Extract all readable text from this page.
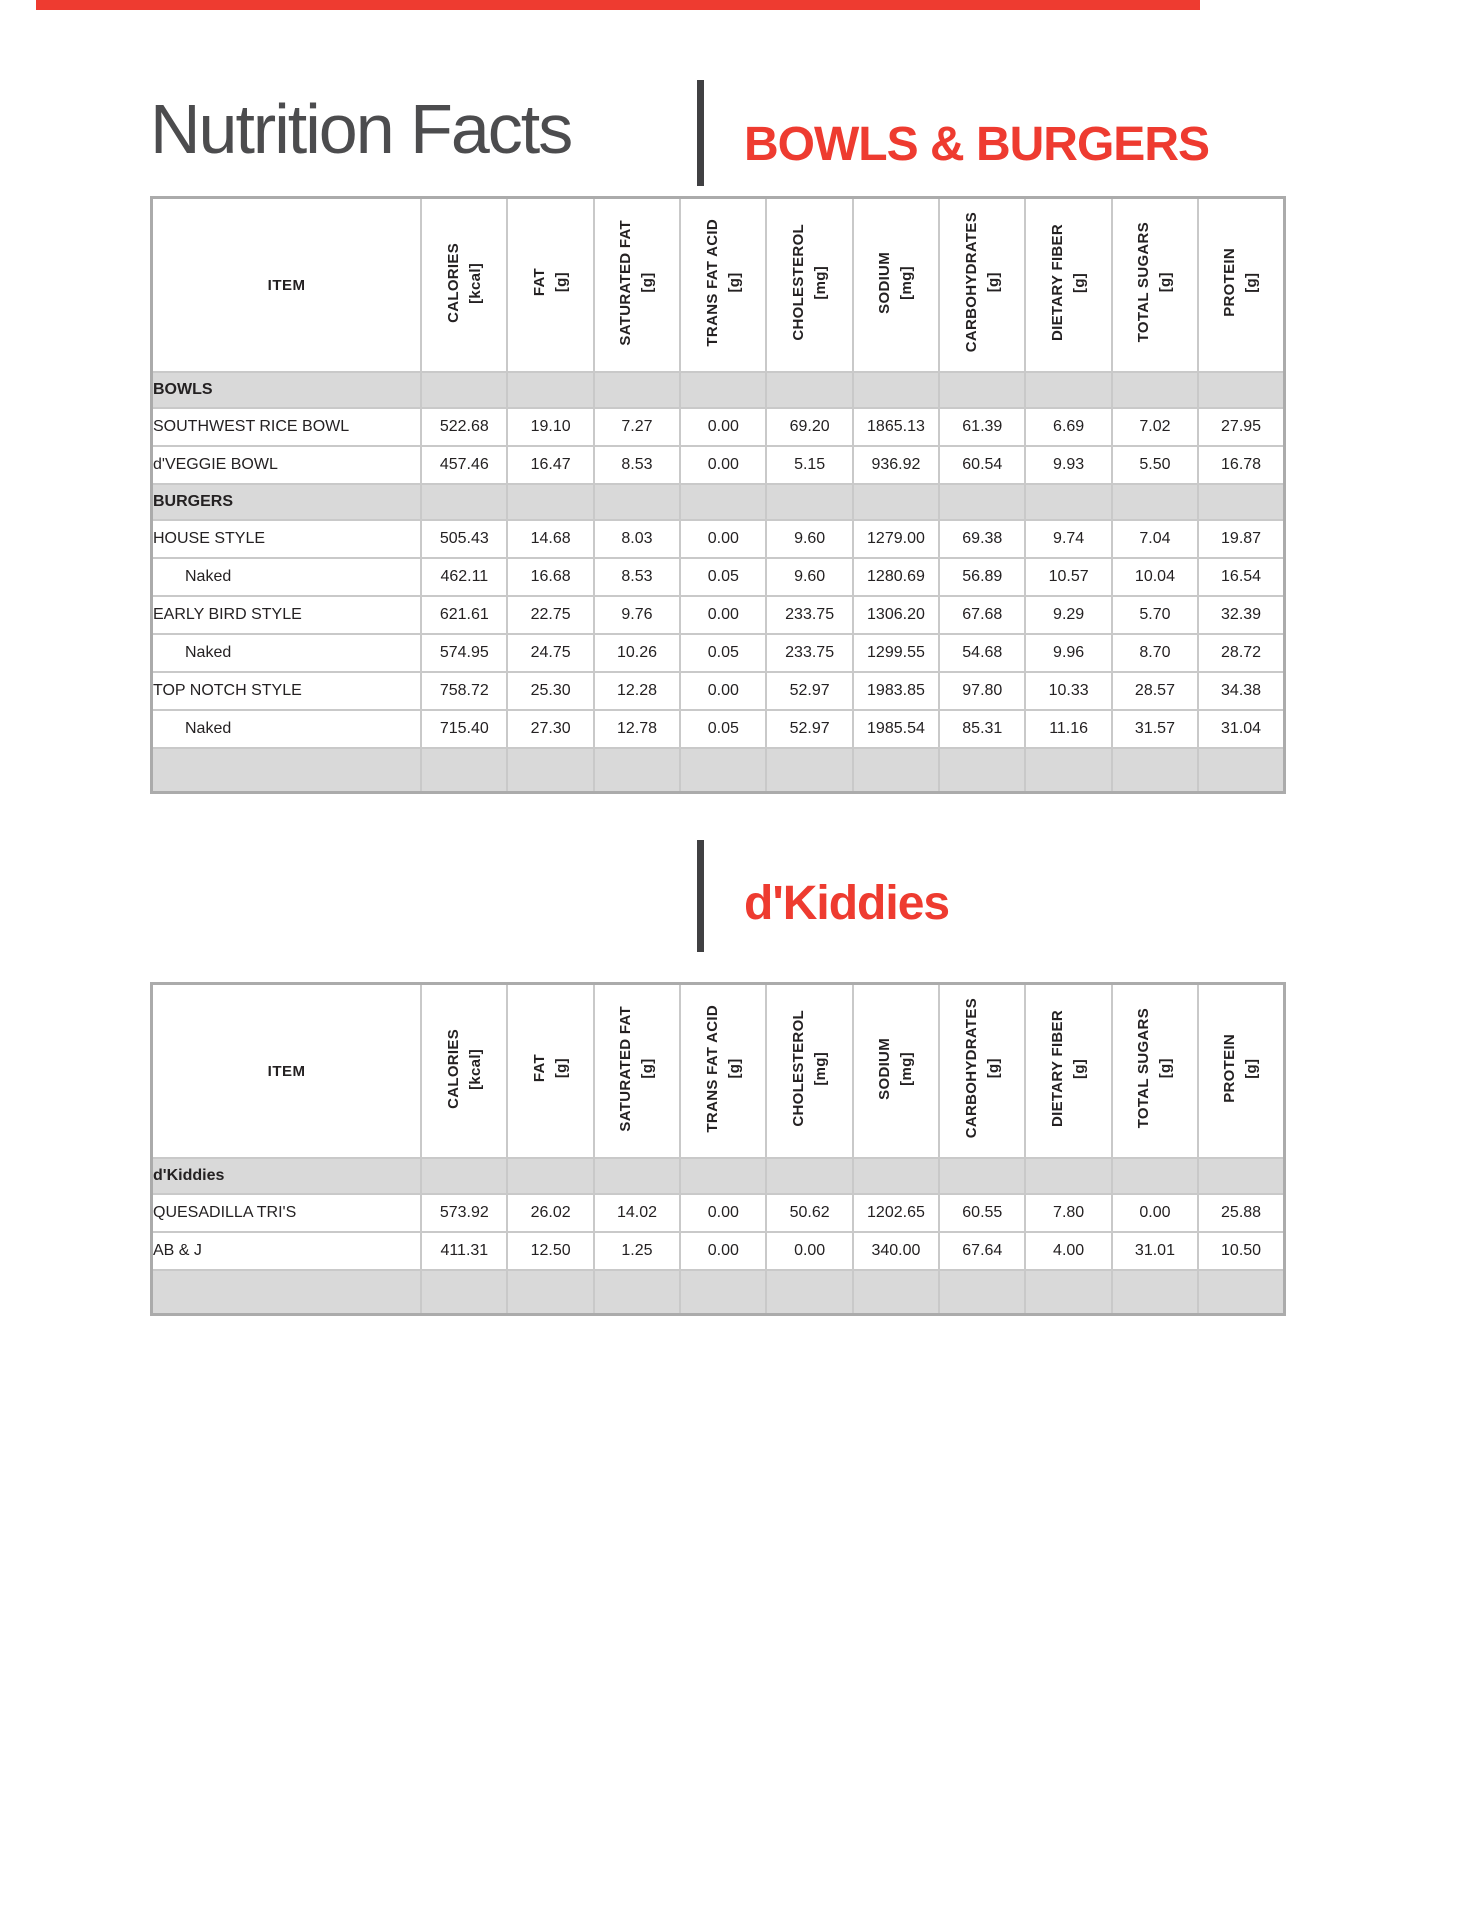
Nutrition Facts	BOWLS & BURGERS
ITEM	CALORIES [kcal]	FAT [g]	SATURATED FAT [g]	TRANS FAT ACID [g]	CHOLESTEROL [mg]	SODIUM [mg]	CARBOHYDRATES [g]	DIETARY FIBER [g]	TOTAL SUGARS [g]	PROTEIN [g]

BOWLS										
SOUTHWEST RICE BOWL	522.68	19.10	7.27	0.00	69.20	1865.13	61.39	6.69	7.02	27.95
d'VEGGIE BOWL	457.46	16.47	8.53	0.00	5.15	936.92	60.54	9.93	5.50	16.78
BURGERS										
HOUSE STYLE	505.43	14.68	8.03	0.00	9.60	1279.00	69.38	9.74	7.04	19.87
Naked	462.11	16.68	8.53	0.05	9.60	1280.69	56.89	10.57	10.04	16.54
EARLY BIRD STYLE	621.61	22.75	9.76	0.00	233.75	1306.20	67.68	9.29	5.70	32.39
Naked	574.95	24.75	10.26	0.05	233.75	1299.55	54.68	9.96	8.70	28.72
TOP NOTCH STYLE	758.72	25.30	12.28	0.00	52.97	1983.85	97.80	10.33	28.57	34.38
Naked	715.40	27.30	12.78	0.05	52.97	1985.54	85.31	11.16	31.57	31.04

d'Kiddies
ITEM	CALORIES [kcal]	FAT [g]	SATURATED FAT [g]	TRANS FAT ACID [g]	CHOLESTEROL [mg]	SODIUM [mg]	CARBOHYDRATES [g]	DIETARY FIBER [g]	TOTAL SUGARS [g]	PROTEIN [g]

d'Kiddies										
QUESADILLA TRI'S	573.92	26.02	14.02	0.00	50.62	1202.65	60.55	7.80	0.00	25.88
AB & J	411.31	12.50	1.25	0.00	0.00	340.00	67.64	4.00	31.01	10.50
